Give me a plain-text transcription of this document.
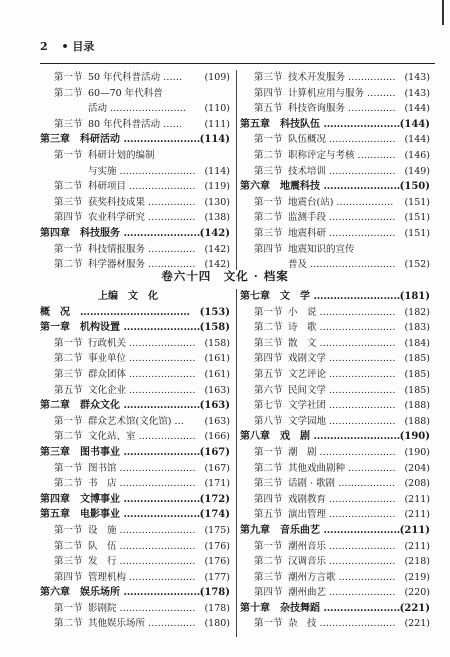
2 • 目录
第一节 50 年代科普活动 …… (109)
第二节 60—70 年代科普
活动 …………………… (110)
第三节 80 年代科普活动 …… (111)
第三章 科研活动 ……………………
(114)
第一节 科研计划的编制
与实施 …………………… (114)
第二节 科研项目 ………………… (119)
第三节 获奖科技成果 …………… (130)
第四节 农业科学研究 …………… (138)
第四章 科技服务 ……………………
(142)
第一节 科技情报服务 …………… (142)
第二节 科学器材服务 …………… (142)
第三节 技术开发服务 …………… (143)
第四节 计算机应用与服务 ……… (143)
第五节 科技咨询服务 …………… (144)
第五章 科技队伍 ……………………
(144)
第一节 队伍概况 ………………… (144)
第二节 职称评定与考核 ………… (146)
第三节 技术培训 ………………… (149)
第六章 地震科技 ……………………
(150)
第一节 地震台(站) ……………… (151)
第二节 监测手段 ………………… (151)
第三节 地震科研 ………………… (151)
第四节 地震知识的宣传
普及 ……………………… (152)
卷六十四　文化 · 档案
上编　文　化
概　况 …………………………… (153)
第一章 机构设置 ……………………
(158)
第一节 行政机关 ………………… (158)
第二节 事业单位 ………………… (161)
第三节 群众团体 ………………… (161)
第五节 文化企业 ………………… (163)
第二章 群众文化 ……………………
(163)
第一节 群众艺术馆(文化馆) … (163)
第二节 文化站、室 ……………… (166)
第三章 图书事业 ……………………
(167)
第一节 图书馆 …………………… (167)
第二节 书　店 …………………… (171)
第四章 文博事业 ……………………
(172)
第五章 电影事业 ……………………
(174)
第一节 设　施 …………………… (175)
第二节 队　伍 …………………… (176)
第三节 发　行 …………………… (176)
第四节 管理机构 ………………… (177)
第六章 娱乐场所 ……………………
(178)
第一节 影剧院 …………………… (178)
第二节 其他娱乐场所 …………… (180)
第七章 文　学 ………………………
(181)
第一节 小　说 …………………… (182)
第二节 诗　歌 …………………… (183)
第三节 散　文 …………………… (184)
第四节 戏剧文学 ………………… (185)
第五节 文艺评论 ………………… (185)
第六节 民间文学 ………………… (185)
第七节 文学社团 ………………… (188)
第八节 文学园地 ………………… (188)
第八章 戏　剧 ………………………
(190)
第一节 潮　剧 …………………… (190)
第二节 其他戏曲剧种 …………… (204)
第三节 话剧 · 歌剧 ……………… (208)
第四节 戏剧教育 ………………… (211)
第五节 演出管理 ………………… (211)
第九章 音乐曲艺 ……………………
(211)
第一节 潮州音乐 ………………… (211)
第二节 汉调音乐 ………………… (218)
第三节 潮州方言歌 ……………… (219)
第四节 潮州曲艺 ………………… (220)
第十章 杂技舞蹈 ……………………
(221)
第一节 杂　技 …………………… (221)
